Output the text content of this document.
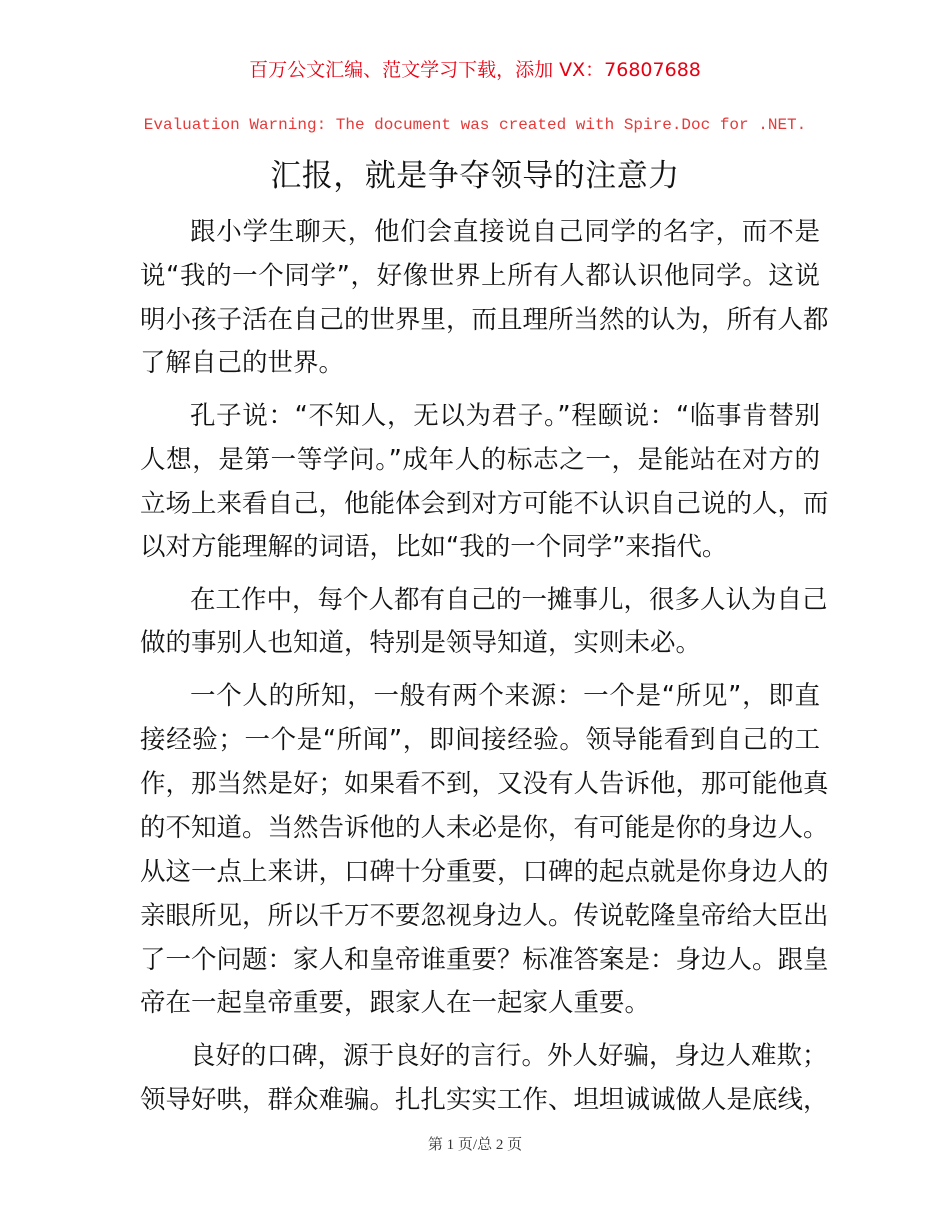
百万公文汇编、范文学习下载，添加 VX：76807688
Evaluation Warning: The document was created with Spire.Doc for .NET.
汇报，就是争夺领导的注意力
跟小学生聊天，他们会直接说自己同学的名字，而不是
说“我的一个同学”，好像世界上所有人都认识他同学。这说
明小孩子活在自己的世界里，而且理所当然的认为，所有人都
了解自己的世界。
孔子说：“不知人，无以为君子。”程颐说：“临事肯替别
人想，是第一等学问。”成年人的标志之一，是能站在对方的
立场上来看自己，他能体会到对方可能不认识自己说的人，而
以对方能理解的词语，比如“我的一个同学”来指代。
在工作中，每个人都有自己的一摊事儿，很多人认为自己
做的事别人也知道，特别是领导知道，实则未必。
一个人的所知，一般有两个来源：一个是“所见”，即直
接经验；一个是“所闻”，即间接经验。领导能看到自己的工
作，那当然是好；如果看不到，又没有人告诉他，那可能他真
的不知道。当然告诉他的人未必是你，有可能是你的身边人。
从这一点上来讲，口碑十分重要，口碑的起点就是你身边人的
亲眼所见，所以千万不要忽视身边人。传说乾隆皇帝给大臣出
了一个问题：家人和皇帝谁重要？标准答案是：身边人。跟皇
帝在一起皇帝重要，跟家人在一起家人重要。
良好的口碑，源于良好的言行。外人好骗，身边人难欺；
领导好哄，群众难骗。扎扎实实工作、坦坦诚诚做人是底线，
第 1 页/总 2 页
